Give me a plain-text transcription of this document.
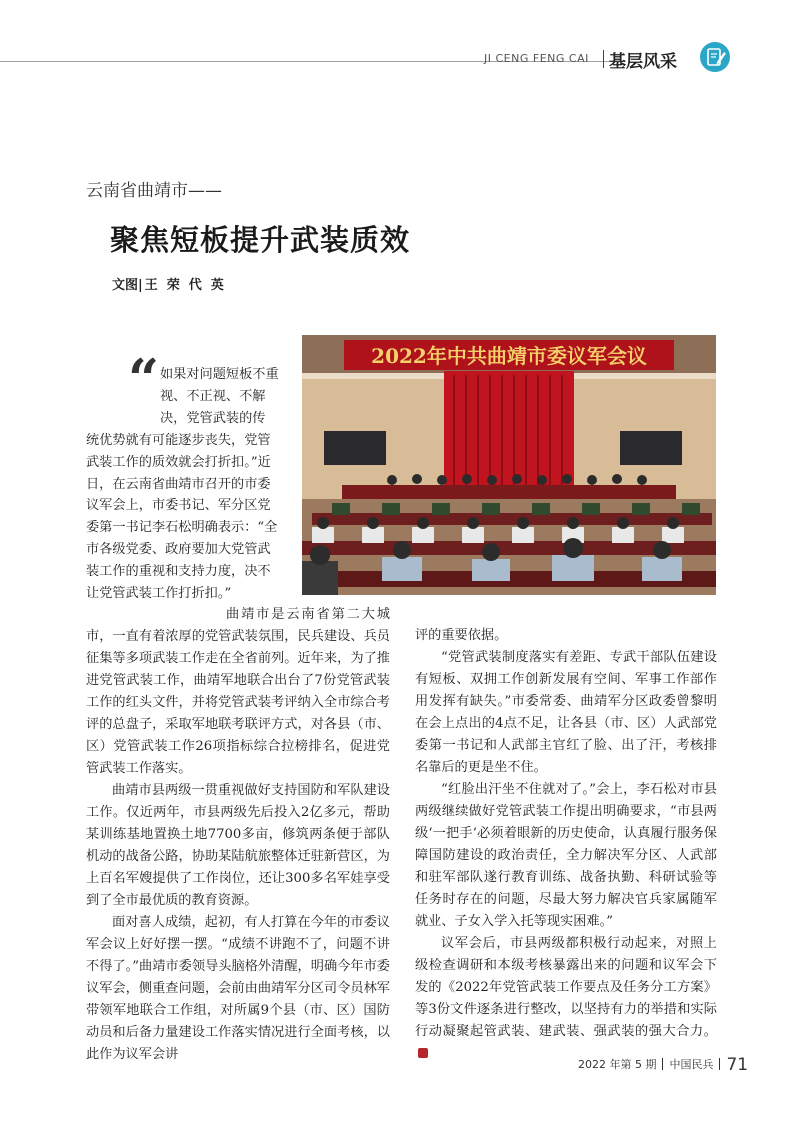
JI CENG FENG CAI 基层风采
云南省曲靖市——
聚焦短板提升武装质效
文图| 王荣代英
2022年中共曲靖市委议军会议
“ 如果对问题短板不重视、不正视、不解决，党管武装的传
统优势就有可能逐步丧失，党管武装工作的质效就会打折扣。”近日，在云南省曲靖市召开的市委议军会上，市委书记、军分区党委第一书记李石松明确表示：“全市各级党委、政府要加大党管武装工作的重视和支持力度，决不让党管武装工作打折扣。”

曲靖市是云南省第二大城市，一直有着浓厚的党管武装氛围，民兵建设、兵员征集等多项武装工作走在全省前列。近年来，为了推进党管武装工作，曲靖军地联合出台了7份党管武装工作的红头文件，并将党管武装考评纳入全市综合考评的总盘子，采取军地联考联评方式，对各县（市、区）党管武装工作26项指标综合拉榜排名，促进党管武装工作落实。

曲靖市县两级一贯重视做好支持国防和军队建设工作。仅近两年，市县两级先后投入2亿多元，帮助某训练基地置换土地7700多亩，修筑两条便于部队机动的战备公路，协助某陆航旅整体迁驻新营区，为上百名军嫂提供了工作岗位，还让300多名军娃享受到了全市最优质的教育资源。

面对喜人成绩，起初，有人打算在今年的市委议军会议上好好摆一摆。“成绩不讲跑不了，问题不讲不得了。”曲靖市委领导头脑格外清醒，明确今年市委议军会，侧重查问题，会前由曲靖军分区司令员林军带领军地联合工作组，对所属9个县（市、区）国防动员和后备力量建设工作落实情况进行全面考核，以此作为议军会讲

评的重要依据。

“党管武装制度落实有差距、专武干部队伍建设有短板、双拥工作创新发展有空间、军事工作部作用发挥有缺失。”市委常委、曲靖军分区政委曾黎明在会上点出的4点不足，让各县（市、区）人武部党委第一书记和人武部主官红了脸、出了汗，考核排名靠后的更是坐不住。

“红脸出汗坐不住就对了。”会上，李石松对市县两级继续做好党管武装工作提出明确要求，“市县两级‘一把手’必须着眼新的历史使命，认真履行服务保障国防建设的政治责任，全力解决军分区、人武部和驻军部队遂行教育训练、战备执勤、科研试验等任务时存在的问题，尽最大努力解决官兵家属随军就业、子女入学入托等现实困难。”

议军会后，市县两级都积极行动起来，对照上级检查调研和本级考核暴露出来的问题和议军会下发的《2022年党管武装工作要点及任务分工方案》等3份文件逐条进行整改，以坚持有力的举措和实际行动凝聚起管武装、建武装、强武装的强大合力。

2022 年第 5 期 中国民兵 71
